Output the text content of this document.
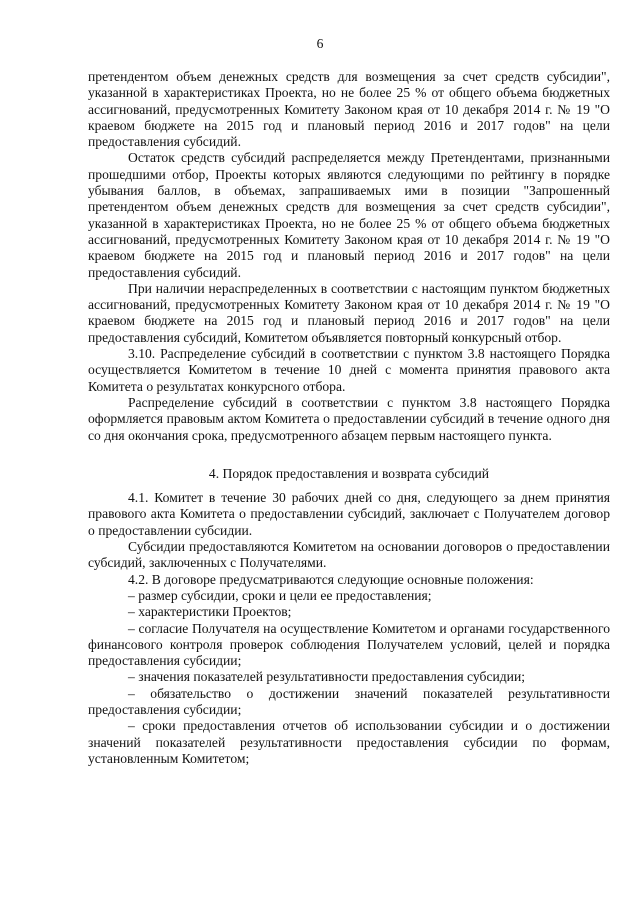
6

претендентом объем денежных средств для возмещения за счет средств субсидии", указанной в характеристиках Проекта, но не более 25 % от общего объема бюджетных ассигнований, предусмотренных Комитету Законом края от 10 декабря 2014 г. № 19 "О краевом бюджете на 2015 год и плановый период 2016 и 2017 годов" на цели предоставления субсидий.

Остаток средств субсидий распределяется между Претендентами, признанными прошедшими отбор, Проекты которых являются следующими по рейтингу в порядке убывания баллов, в объемах, запрашиваемых ими в позиции "Запрошенный претендентом объем денежных средств для возмещения за счет средств субсидии", указанной в характеристиках Проекта, но не более 25 % от общего объема бюджетных ассигнований, предусмотренных Комитету Законом края от 10 декабря 2014 г. № 19 "О краевом бюджете на 2015 год и плановый период 2016 и 2017 годов" на цели предоставления субсидий.

При наличии нераспределенных в соответствии с настоящим пунктом бюджетных ассигнований, предусмотренных Комитету Законом края от 10 декабря 2014 г. № 19 "О краевом бюджете на 2015 год и плановый период 2016 и 2017 годов" на цели предоставления субсидий, Комитетом объявляется повторный конкурсный отбор.

3.10. Распределение субсидий в соответствии с пунктом 3.8 настоящего Порядка осуществляется Комитетом в течение 10 дней с момента принятия правового акта Комитета о результатах конкурсного отбора.

Распределение субсидий в соответствии с пунктом 3.8 настоящего Порядка оформляется правовым актом Комитета о предоставлении субсидий в течение одного дня со дня окончания срока, предусмотренного абзацем первым настоящего пункта.

4. Порядок предоставления и возврата субсидий

4.1. Комитет в течение 30 рабочих дней со дня, следующего за днем принятия правового акта Комитета о предоставлении субсидий, заключает с Получателем договор о предоставлении субсидии.

Субсидии предоставляются Комитетом на основании договоров о предоставлении субсидий, заключенных с Получателями.

4.2. В договоре предусматриваются следующие основные положения:

– размер субсидии, сроки и цели ее предоставления;

– характеристики Проектов;

– согласие Получателя на осуществление Комитетом и органами государственного финансового контроля проверок соблюдения Получателем условий, целей и порядка предоставления субсидии;

– значения показателей результативности предоставления субсидии;

– обязательство о достижении значений показателей результативности предоставления субсидии;

– сроки предоставления отчетов об использовании субсидии и о достижении значений показателей результативности предоставления субсидии по формам, установленным Комитетом;
